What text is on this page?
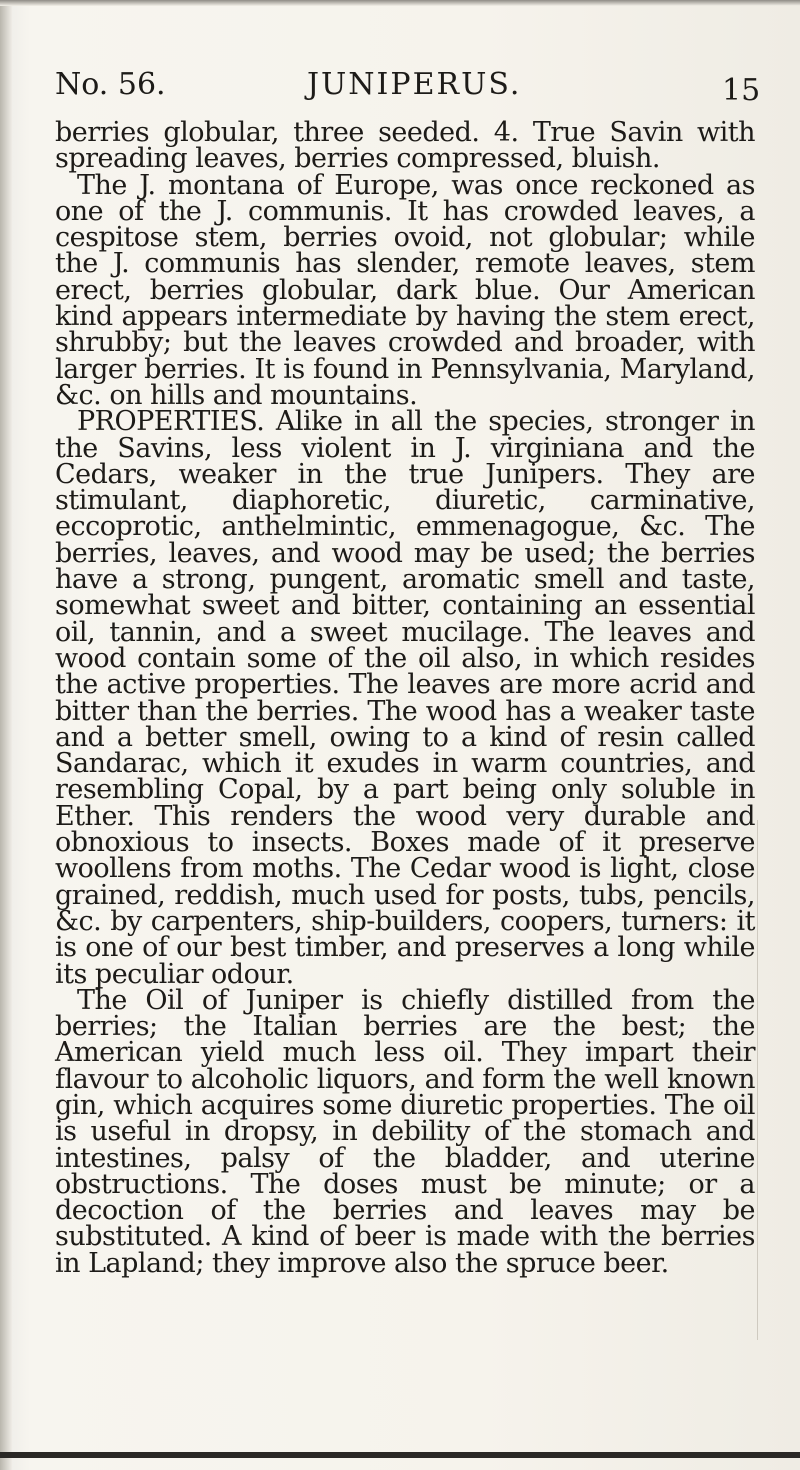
No. 56.	JUNIPERUS.	15

berries globular, three seeded. 4. True Savin with spreading leaves, berries compressed, bluish.

The J. montana of Europe, was once reckoned as one of the J. communis. It has crowded leaves, a cespitose stem, berries ovoid, not globular; while the J. communis has slender, remote leaves, stem erect, berries globular, dark blue. Our American kind appears intermediate by having the stem erect, shrubby; but the leaves crowded and broader, with larger berries. It is found in Pennsylvania, Maryland, &c. on hills and mountains.

PROPERTIES. Alike in all the species, stronger in the Savins, less violent in J. virginiana and the Cedars, weaker in the true Junipers. They are stimulant, diaphoretic, diuretic, carminative, eccoprotic, anthelmintic, emmenagogue, &c. The berries, leaves, and wood may be used; the berries have a strong, pungent, aromatic smell and taste, somewhat sweet and bitter, containing an essential oil, tannin, and a sweet mucilage. The leaves and wood contain some of the oil also, in which resides the active properties. The leaves are more acrid and bitter than the berries. The wood has a weaker taste and a better smell, owing to a kind of resin called Sandarac, which it exudes in warm countries, and resembling Copal, by a part being only soluble in Ether. This renders the wood very durable and obnoxious to insects. Boxes made of it preserve woollens from moths. The Cedar wood is light, close grained, reddish, much used for posts, tubs, pencils, &c. by carpenters, ship-builders, coopers, turners: it is one of our best timber, and preserves a long while its peculiar odour.

The Oil of Juniper is chiefly distilled from the berries; the Italian berries are the best; the American yield much less oil. They impart their flavour to alcoholic liquors, and form the well known gin, which acquires some diuretic properties. The oil is useful in dropsy, in debility of the stomach and intestines, palsy of the bladder, and uterine obstructions. The doses must be minute; or a decoction of the berries and leaves may be substituted. A kind of beer is made with the berries in Lapland; they improve also the spruce beer.
